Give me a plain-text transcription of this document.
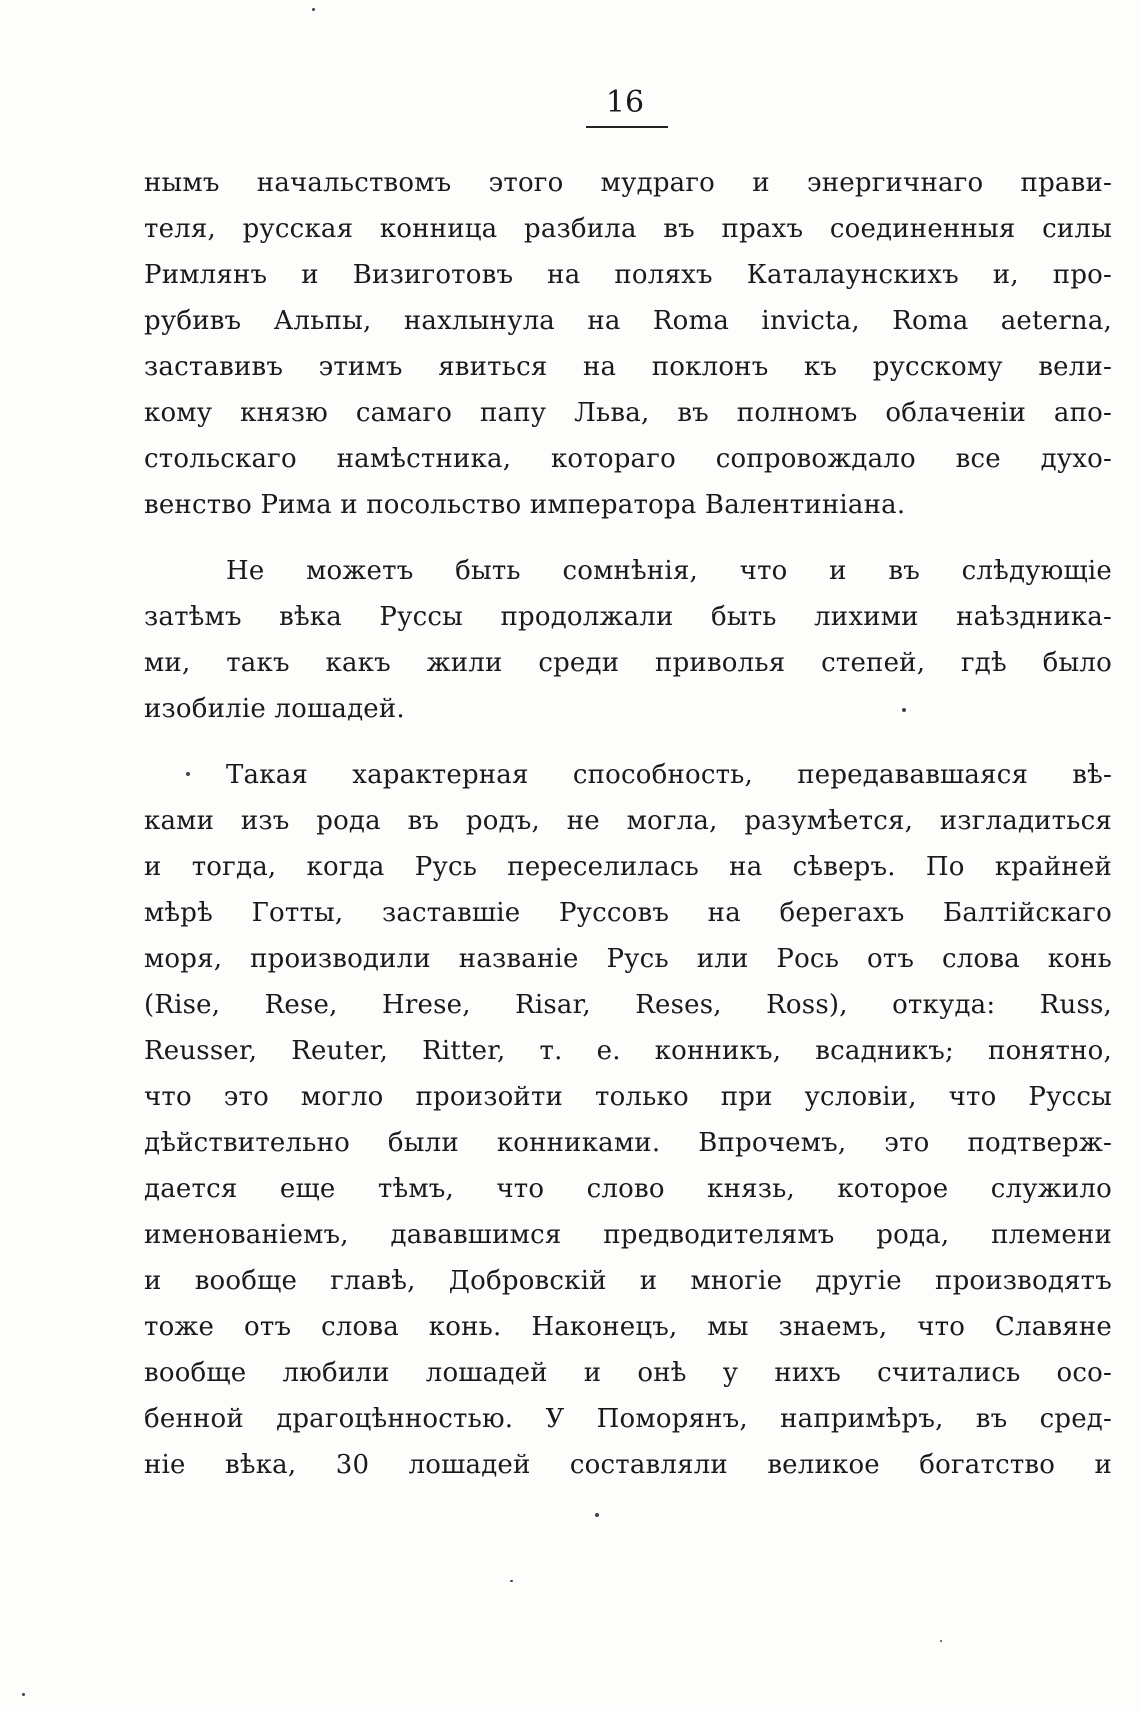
16
нымъ начальствомъ этого мудраго и энергичнаго прави-
теля, русская конница разбила въ прахъ соединенныя силы
Римлянъ и Визиготовъ на поляхъ Каталаунскихъ и, про-
рубивъ Альпы, нахлынула на Roma invicta, Roma aeterna,
заставивъ этимъ явиться на поклонъ къ русскому вели-
кому князю самаго папу Льва, въ полномъ облаченіи апо-
стольскаго намѣстника, котораго сопровождало все духо-
венство Рима и посольство императора Валентиніана.
Не можетъ быть сомнѣнія, что и въ слѣдующіе
затѣмъ вѣка Руссы продолжали быть лихими наѣздника-
ми, такъ какъ жили среди приволья степей, гдѣ было
изобиліе лошадей.
Такая характерная способность, передававшаяся вѣ-
ками изъ рода въ родъ, не могла, разумѣется, изгладиться
и тогда, когда Русь переселилась на сѣверъ. По крайней
мѣрѣ Готты, заставшіе Руссовъ на берегахъ Балтійскаго
моря, производили названіе Русь или Рось отъ слова конь
(Rise, Rese, Hrese, Risar, Reses, Ross), откуда: Russ,
Reusser, Reuter, Ritter, т. е. конникъ, всадникъ; понятно,
что это могло произойти только при условіи, что Руссы
дѣйствительно были конниками. Впрочемъ, это подтверж-
дается еще тѣмъ, что слово князь, которое служило
именованіемъ, дававшимся предводителямъ рода, племени
и вообще главѣ, Добровскій и многіе другіе производятъ
тоже отъ слова конь. Наконецъ, мы знаемъ, что Славяне
вообще любили лошадей и онѣ у нихъ считались осо-
бенной драгоцѣнностью. У Поморянъ, напримѣръ, въ сред-
ніе вѣка, 30 лошадей составляли великое богатство и
